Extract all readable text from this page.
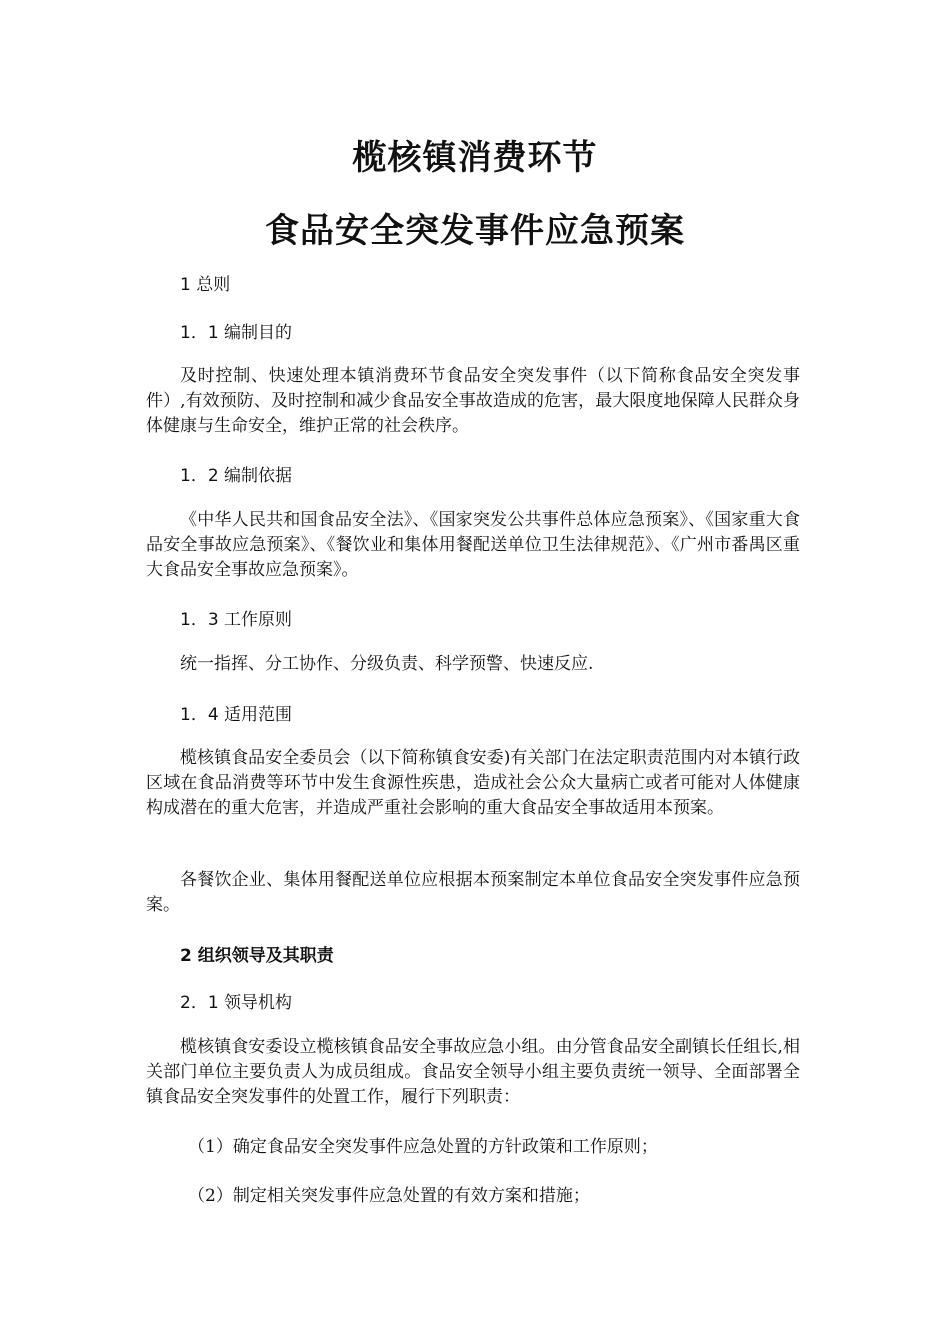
榄核镇消费环节
食品安全突发事件应急预案
1 总则
1．1 编制目的
及时控制、快速处理本镇消费环节食品安全突发事件（以下简称食品安全突发事件）,有效预防、及时控制和减少食品安全事故造成的危害，最大限度地保障人民群众身体健康与生命安全，维护正常的社会秩序。
1．2 编制依据
《中华人民共和国食品安全法》、《国家突发公共事件总体应急预案》、《国家重大食品安全事故应急预案》、《餐饮业和集体用餐配送单位卫生法律规范》、《广州市番禺区重大食品安全事故应急预案》。
1．3 工作原则
统一指挥、分工协作、分级负责、科学预警、快速反应.
1．4 适用范围
榄核镇食品安全委员会（以下简称镇食安委)有关部门在法定职责范围内对本镇行政区域在食品消费等环节中发生食源性疾患，造成社会公众大量病亡或者可能对人体健康构成潜在的重大危害，并造成严重社会影响的重大食品安全事故适用本预案。
各餐饮企业、集体用餐配送单位应根据本预案制定本单位食品安全突发事件应急预案。
2 组织领导及其职责
2．1 领导机构
榄核镇食安委设立榄核镇食品安全事故应急小组。由分管食品安全副镇长任组长,相关部门单位主要负责人为成员组成。食品安全领导小组主要负责统一领导、全面部署全镇食品安全突发事件的处置工作，履行下列职责：
（1）确定食品安全突发事件应急处置的方针政策和工作原则；
（2）制定相关突发事件应急处置的有效方案和措施；
